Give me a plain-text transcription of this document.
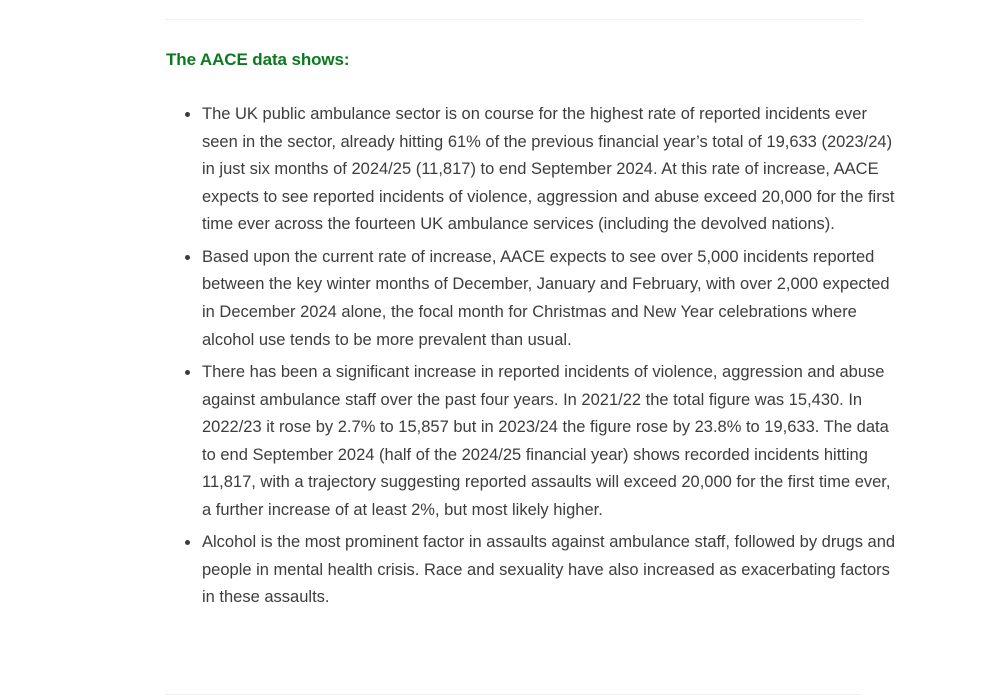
The AACE data shows:
The UK public ambulance sector is on course for the highest rate of reported incidents ever seen in the sector, already hitting 61% of the previous financial year’s total of 19,633 (2023/24) in just six months of 2024/25 (11,817) to end September 2024. At this rate of increase, AACE expects to see reported incidents of violence, aggression and abuse exceed 20,000 for the first time ever across the fourteen UK ambulance services (including the devolved nations).
Based upon the current rate of increase, AACE expects to see over 5,000 incidents reported between the key winter months of December, January and February, with over 2,000 expected in December 2024 alone, the focal month for Christmas and New Year celebrations where alcohol use tends to be more prevalent than usual.
There has been a significant increase in reported incidents of violence, aggression and abuse against ambulance staff over the past four years. In 2021/22 the total figure was 15,430. In 2022/23 it rose by 2.7% to 15,857 but in 2023/24 the figure rose by 23.8% to 19,633. The data to end September 2024 (half of the 2024/25 financial year) shows recorded incidents hitting 11,817, with a trajectory suggesting reported assaults will exceed 20,000 for the first time ever, a further increase of at least 2%, but most likely higher.
Alcohol is the most prominent factor in assaults against ambulance staff, followed by drugs and people in mental health crisis. Race and sexuality have also increased as exacerbating factors in these assaults.
